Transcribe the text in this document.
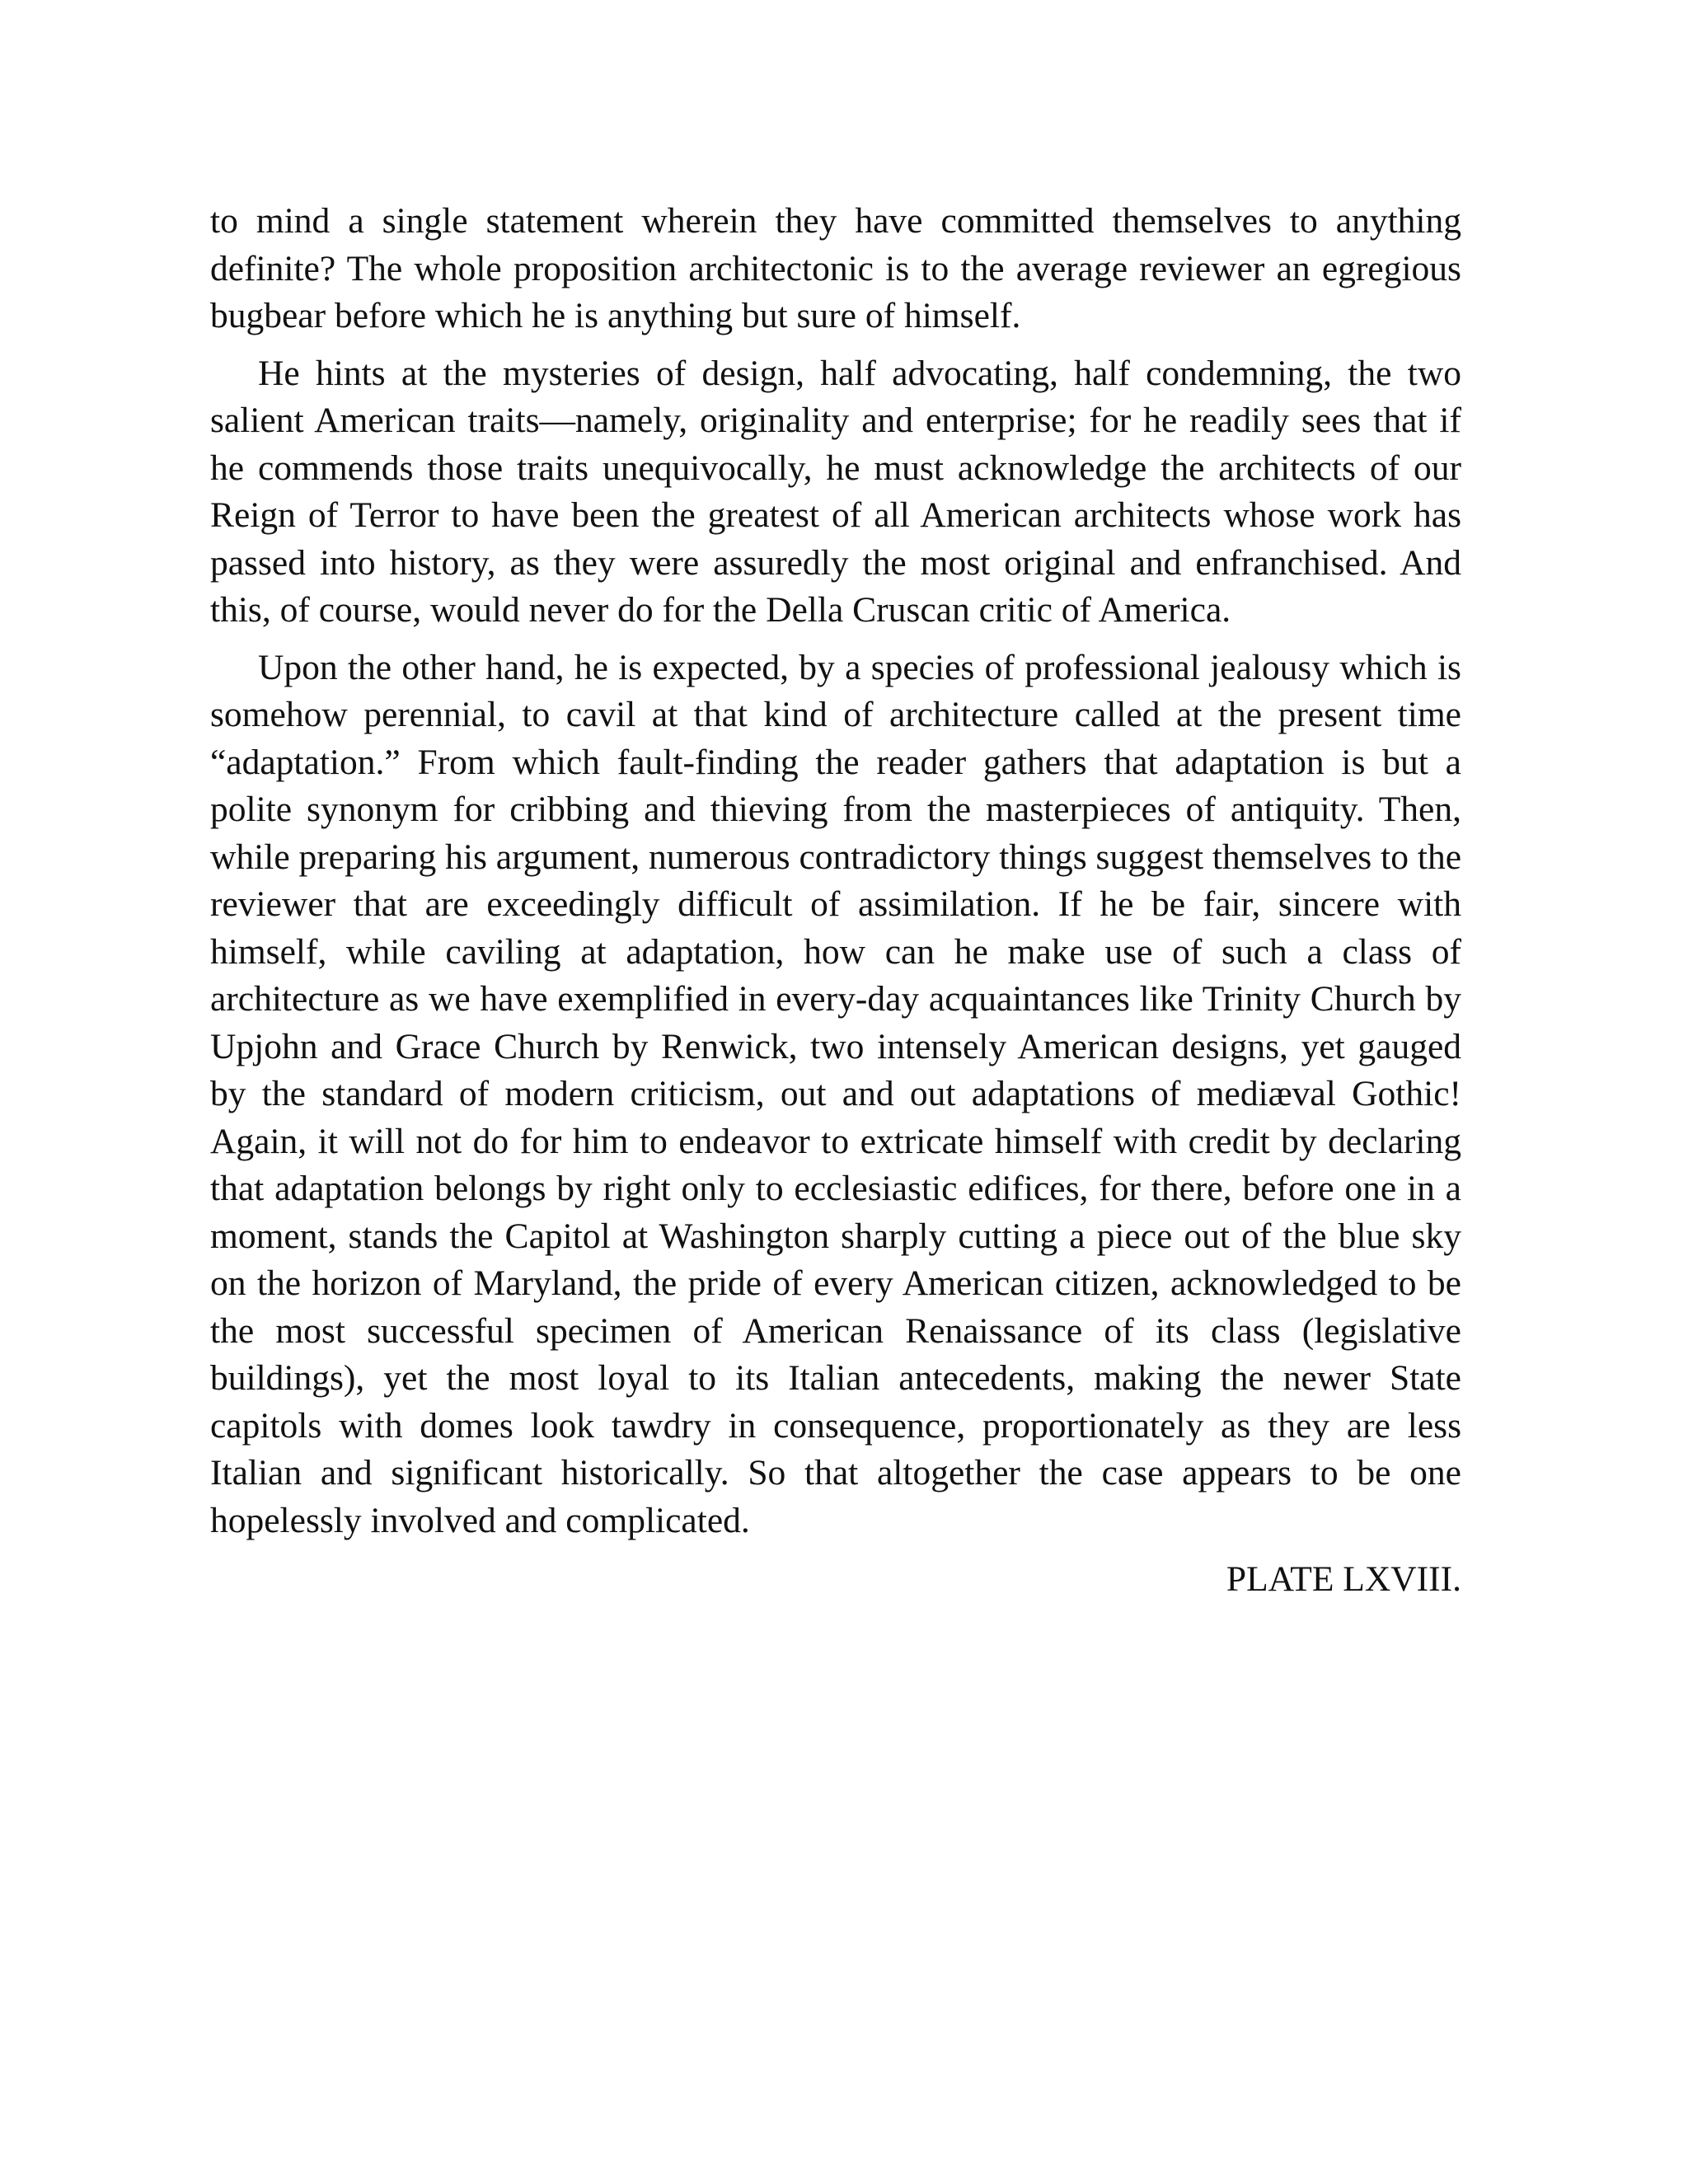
to mind a single statement wherein they have committed themselves to anything definite? The whole proposition architectonic is to the average reviewer an egregious bugbear before which he is anything but sure of himself.

He hints at the mysteries of design, half advocating, half condemning, the two salient American traits—namely, originality and enterprise; for he readily sees that if he commends those traits unequivocally, he must acknowledge the architects of our Reign of Terror to have been the greatest of all American architects whose work has passed into history, as they were assuredly the most original and enfranchised. And this, of course, would never do for the Della Cruscan critic of America.

Upon the other hand, he is expected, by a species of professional jealousy which is somehow perennial, to cavil at that kind of architecture called at the present time “adaptation.” From which fault-finding the reader gathers that adaptation is but a polite synonym for cribbing and thieving from the masterpieces of antiquity. Then, while preparing his argument, numerous contradictory things suggest themselves to the reviewer that are exceedingly difficult of assimilation. If he be fair, sincere with himself, while caviling at adaptation, how can he make use of such a class of architecture as we have exemplified in every-day acquaintances like Trinity Church by Upjohn and Grace Church by Renwick, two intensely American designs, yet gauged by the standard of modern criticism, out and out adaptations of mediæval Gothic! Again, it will not do for him to endeavor to extricate himself with credit by declaring that adaptation belongs by right only to ecclesiastic edifices, for there, before one in a moment, stands the Capitol at Washington sharply cutting a piece out of the blue sky on the horizon of Maryland, the pride of every American citizen, acknowledged to be the most successful specimen of American Renaissance of its class (legislative buildings), yet the most loyal to its Italian antecedents, making the newer State capitols with domes look tawdry in consequence, proportionately as they are less Italian and significant historically. So that altogether the case appears to be one hopelessly involved and complicated.

PLATE LXVIII.
